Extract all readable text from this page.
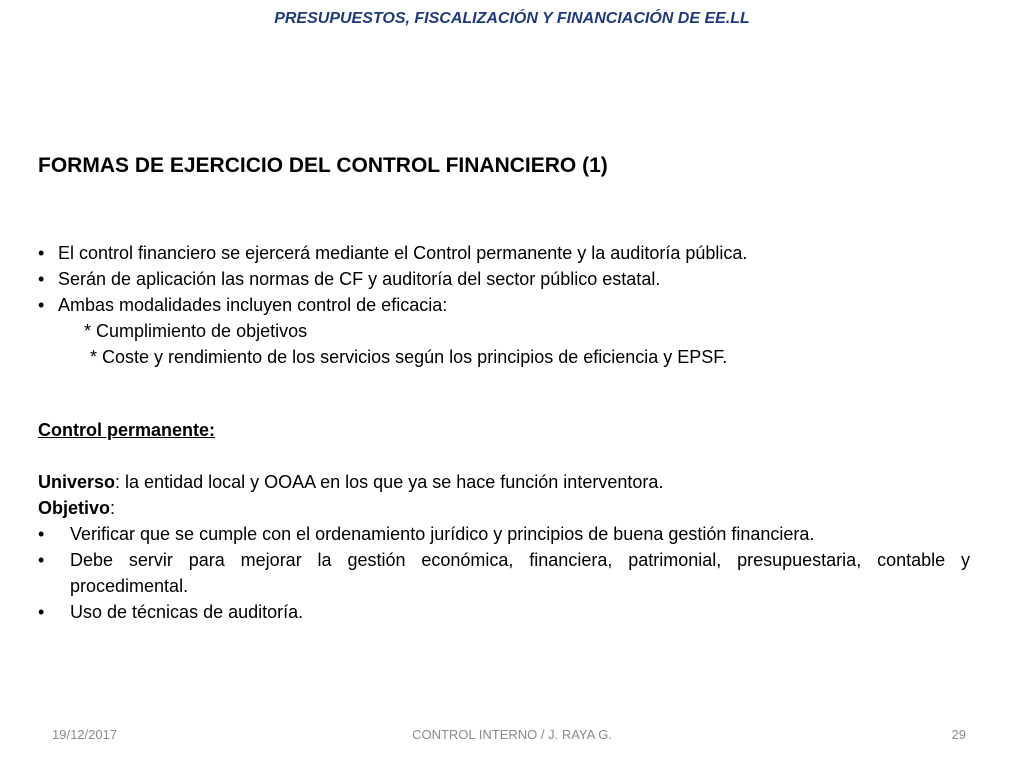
PRESUPUESTOS, FISCALIZACIÓN Y FINANCIACIÓN DE EE.LL
FORMAS DE EJERCICIO DEL CONTROL FINANCIERO (1)
• El control financiero se ejercerá mediante el Control permanente y la auditoría pública.
• Serán de aplicación las normas de CF y auditoría del sector público estatal.
• Ambas modalidades incluyen control de eficacia:
* Cumplimiento de objetivos
* Coste y rendimiento de los servicios según los principios de eficiencia y EPSF.
Control permanente:
Universo: la entidad local y OOAA en los que ya se hace función interventora.
Objetivo:
•	Verificar que se cumple con el ordenamiento jurídico y principios de buena gestión financiera.
•	Debe servir para mejorar la gestión económica, financiera, patrimonial, presupuestaria, contable y procedimental.
•	Uso de técnicas de auditoría.
19/12/2017	CONTROL INTERNO / J. RAYA G.	29
